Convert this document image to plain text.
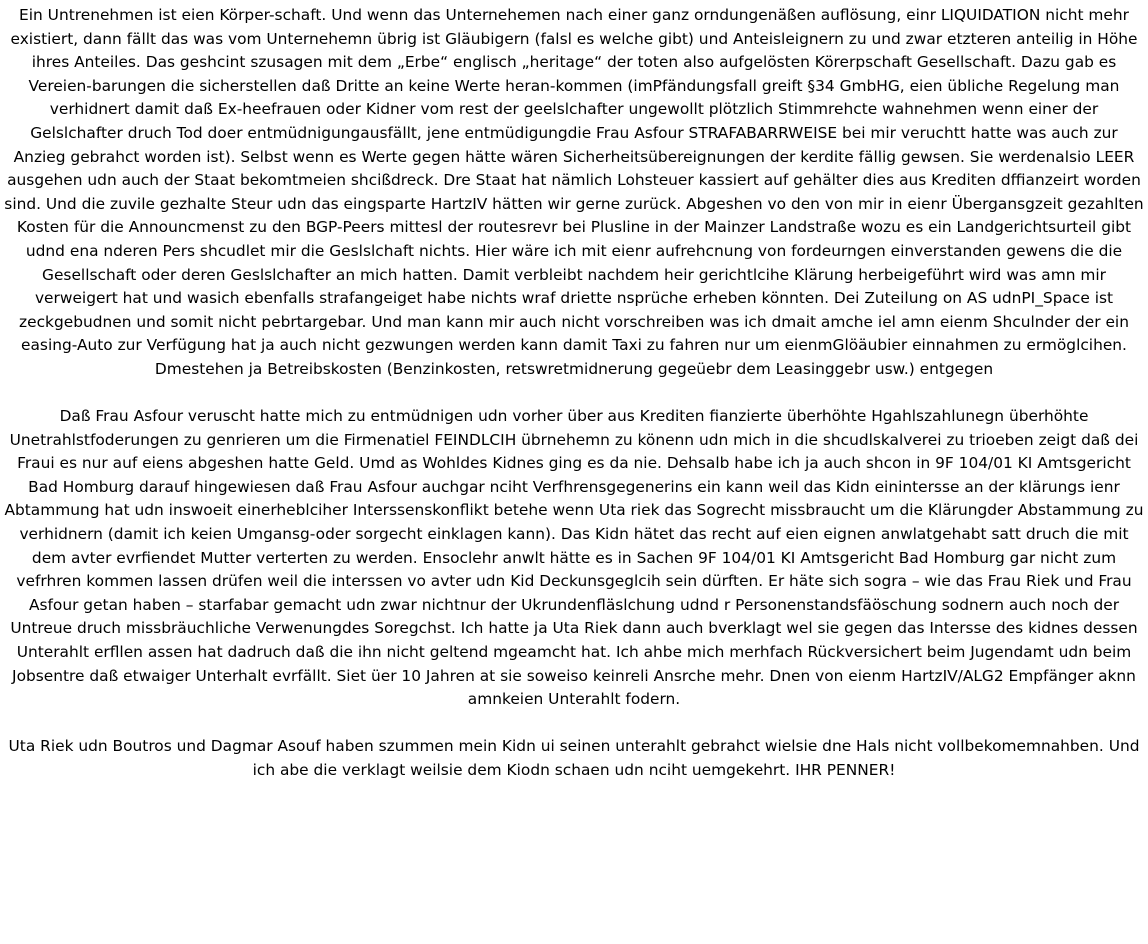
Ein Untrenehmen ist eien Körper-schaft. Und wenn das Unternehemen nach einer ganz orndungenäßen auflösung, einr LIQUIDATION nicht mehr existiert, dann fällt das was vom Unternehemn übrig ist Gläubigern (falsl es welche gibt) und Anteisleignern zu und zwar etzteren anteilig in Höhe ihres Anteiles. Das geshcint szusagen mit dem „Erbe“ englisch „heritage“ der toten also aufgelösten Körerpschaft Gesellschaft. Dazu gab es Vereien-barungen die sicherstellen daß Dritte an keine Werte heran-kommen (imPfändungsfall greift §34 GmbHG, eien übliche Regelung man verhidnert damit daß Ex-heefrauen oder Kidner vom rest der geelslchafter ungewollt plötzlich Stimmrehcte wahnehmen wenn einer der Gelslchafter druch Tod doer entmüdnigungausfällt, jene entmüdigungdie Frau Asfour STRAFABARRWEISE bei mir veruchtt hatte was auch zur Anzieg gebrahct worden ist). Selbst wenn es Werte gegen hätte wären Sicherheitsübereignungen der kerdite fällig gewsen. Sie werdenalsio LEER ausgehen udn auch der Staat bekomtmeien shcißdreck. Dre Staat hat nämlich Lohsteuer kassiert auf gehälter dies aus Krediten dffianzeirt worden sind. Und die zuvile gezhalte Steur udn das eingsparte HartzIV hätten wir gerne zurück. Abgeshen vo den von mir in eienr Übergansgzeit gezahlten Kosten für die Announcmenst zu den BGP-Peers mittesl der routesrevr bei Plusline in der Mainzer Landstraße wozu es ein Landgerichtsurteil gibt udnd ena nderen Pers shcudlet mir die Geslslchaft nichts. Hier wäre ich mit eienr aufrehcnung von fordeurngen einverstanden gewens die die Gesellschaft oder deren Geslslchafter an mich hatten. Damit verbleibt nachdem heir gerichtlcihe Klärung herbeigeführt wird was amn mir verweigert hat und wasich ebenfalls strafangeiget habe nichts wraf driette nsprüche erheben könnten. Dei Zuteilung on AS udnPI_Space ist zeckgebudnen und somit nicht pebrtargebar. Und man kann mir auch nicht vorschreiben was ich dmait amche iel amn eienm Shculnder der ein easing-Auto zur Verfügung hat ja auch nicht gezwungen werden kann damit Taxi zu fahren nur um eienmGlöäubier einnahmen zu ermöglcihen. Dmestehen ja Betreibskosten (Benzinkosten, retswretmidnerung gegeüebr dem Leasinggebr usw.) entgegen

Daß Frau Asfour veruscht hatte mich zu entmüdnigen udn vorher über aus Krediten fianzierte überhöhte Hgahlszahlunegn überhöhte Unetrahlstfoderungen zu genrieren um die Firmenatiel FEINDLCIH übrnehemn zu könenn udn mich in die shcudlskalverei zu trioeben zeigt daß dei Fraui es nur auf eiens abgeshen hatte Geld. Umd as Wohldes Kidnes ging es da nie. Dehsalb habe ich ja auch shcon in 9F 104/01 KI Amtsgericht Bad Homburg darauf hingewiesen daß Frau Asfour auchgar nciht Verfhrensgegenerins ein kann weil das Kidn einintersse an der klärungs ienr Abtammung hat udn inswoeit einerheblciher Interssenskonflikt betehe wenn Uta riek das Sogrecht missbraucht um die Klärungder Abstammung zu verhidnern (damit ich keien Umgansg-oder sorgecht einklagen kann). Das Kidn hätet das recht auf eien eignen anwlatgehabt satt druch die mit dem avter evrfiendet Mutter verterten zu werden. Ensoclehr anwlt hätte es in Sachen 9F 104/01 KI Amtsgericht Bad Homburg gar nicht zum vefrhren kommen lassen drüfen weil die interssen vo avter udn Kid Deckunsgeglcih sein dürften. Er häte sich sogra – wie das Frau Riek und Frau Asfour getan haben – starfabar gemacht udn zwar nichtnur der Ukrundenfläslchung udnd r Personenstandsfäöschung sodnern auch noch der Untreue druch missbräuchliche Verwenungdes Soregchst. Ich hatte ja Uta Riek dann auch bverklagt wel sie gegen das Intersse des kidnes dessen Unterahlt erfllen assen hat dadruch daß die ihn nicht geltend mgeamcht hat. Ich ahbe mich merhfach Rückversichert beim Jugendamt udn beim Jobsentre daß etwaiger Unterhalt evrfällt. Siet üer 10 Jahren at sie soweiso keinreli Ansrche mehr. Dnen von eienm HartzIV/ALG2 Empfänger aknn amnkeien Unterahlt fodern.

Uta Riek udn Boutros und Dagmar Asouf haben szummen mein Kidn ui seinen unterahlt gebrahct wielsie dne Hals nicht vollbekomemnahben. Und ich abe die verklagt weilsie dem Kiodn schaen udn nciht uemgekehrt. IHR PENNER!
